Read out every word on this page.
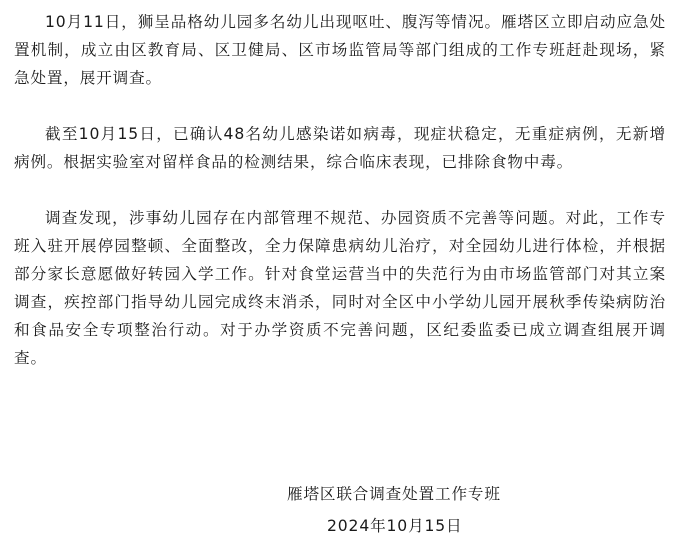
10月11日，狮呈品格幼儿园多名幼儿出现呕吐、腹泻等情况。雁塔区立即启动应急处置机制，成立由区教育局、区卫健局、区市场监管局等部门组成的工作专班赶赴现场，紧急处置，展开调查。

截至10月15日，已确认48名幼儿感染诺如病毒，现症状稳定，无重症病例，无新增病例。根据实验室对留样食品的检测结果，综合临床表现，已排除食物中毒。

调查发现，涉事幼儿园存在内部管理不规范、办园资质不完善等问题。对此，工作专班入驻开展停园整顿、全面整改，全力保障患病幼儿治疗，对全园幼儿进行体检，并根据部分家长意愿做好转园入学工作。针对食堂运营当中的失范行为由市场监管部门对其立案调查，疾控部门指导幼儿园完成终末消杀，同时对全区中小学幼儿园开展秋季传染病防治和食品安全专项整治行动。对于办学资质不完善问题，区纪委监委已成立调查组展开调查。

雁塔区联合调查处置工作专班
2024年10月15日
